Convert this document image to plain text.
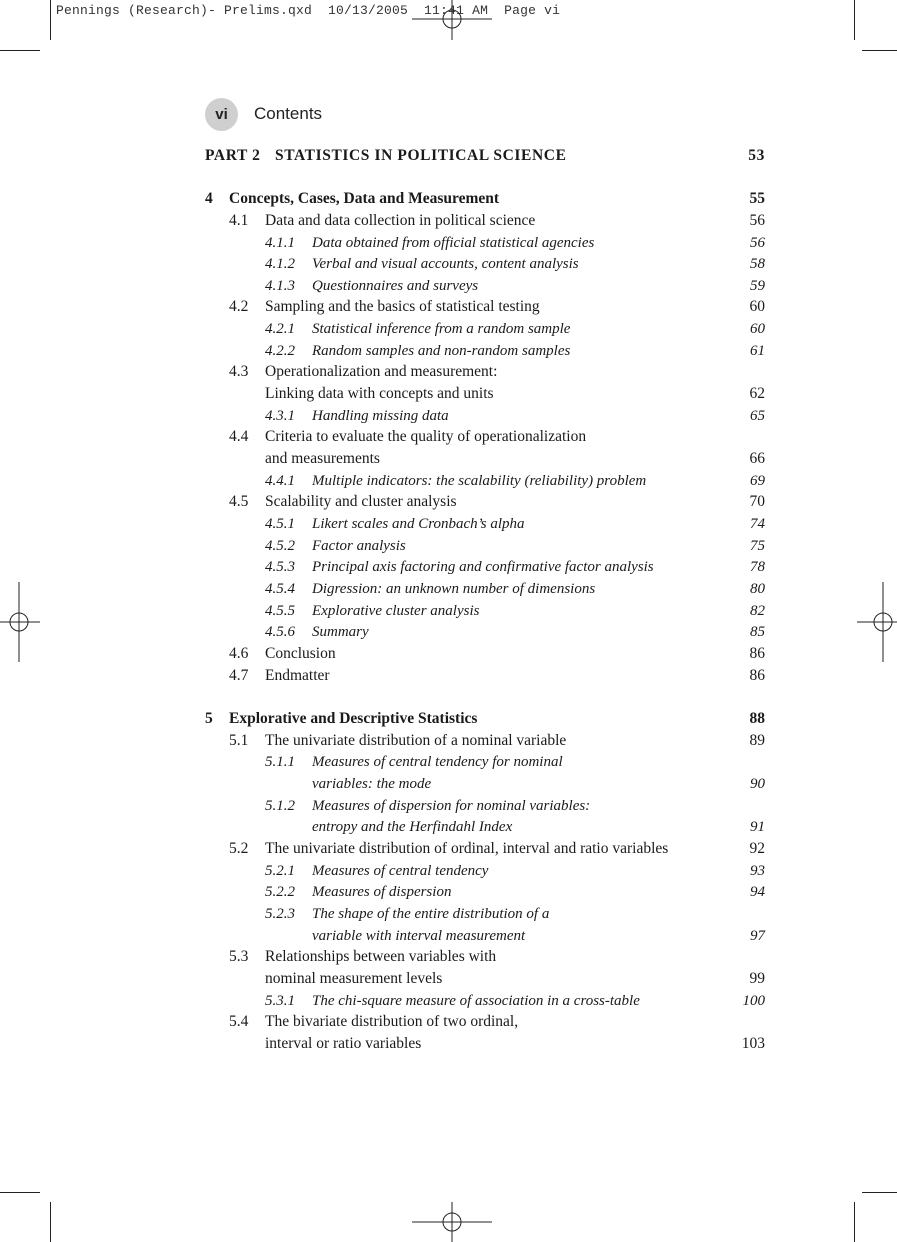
Pennings (Research)- Prelims.qxd  10/13/2005  11:41 AM  Page vi
vi	Contents
PART 2 STATISTICS IN POLITICAL SCIENCE	53
4 Concepts, Cases, Data and Measurement	55
4.1 Data and data collection in political science	56
4.1.1 Data obtained from official statistical agencies	56
4.1.2 Verbal and visual accounts, content analysis	58
4.1.3 Questionnaires and surveys	59
4.2 Sampling and the basics of statistical testing	60
4.2.1 Statistical inference from a random sample	60
4.2.2 Random samples and non-random samples	61
4.3 Operationalization and measurement:
Linking data with concepts and units	62
4.3.1 Handling missing data	65
4.4 Criteria to evaluate the quality of operationalization
and measurements	66
4.4.1 Multiple indicators: the scalability (reliability) problem	69
4.5 Scalability and cluster analysis	70
4.5.1 Likert scales and Cronbach’s alpha	74
4.5.2 Factor analysis	75
4.5.3 Principal axis factoring and confirmative factor analysis	78
4.5.4 Digression: an unknown number of dimensions	80
4.5.5 Explorative cluster analysis	82
4.5.6 Summary	85
4.6 Conclusion	86
4.7 Endmatter	86
5 Explorative and Descriptive Statistics	88
5.1 The univariate distribution of a nominal variable	89
5.1.1 Measures of central tendency for nominal
variables: the mode	90
5.1.2 Measures of dispersion for nominal variables:
entropy and the Herfindahl Index	91
5.2 The univariate distribution of ordinal, interval and ratio variables	92
5.2.1 Measures of central tendency	93
5.2.2 Measures of dispersion	94
5.2.3 The shape of the entire distribution of a
variable with interval measurement	97
5.3 Relationships between variables with
nominal measurement levels	99
5.3.1 The chi-square measure of association in a cross-table	100
5.4 The bivariate distribution of two ordinal,
interval or ratio variables	103
